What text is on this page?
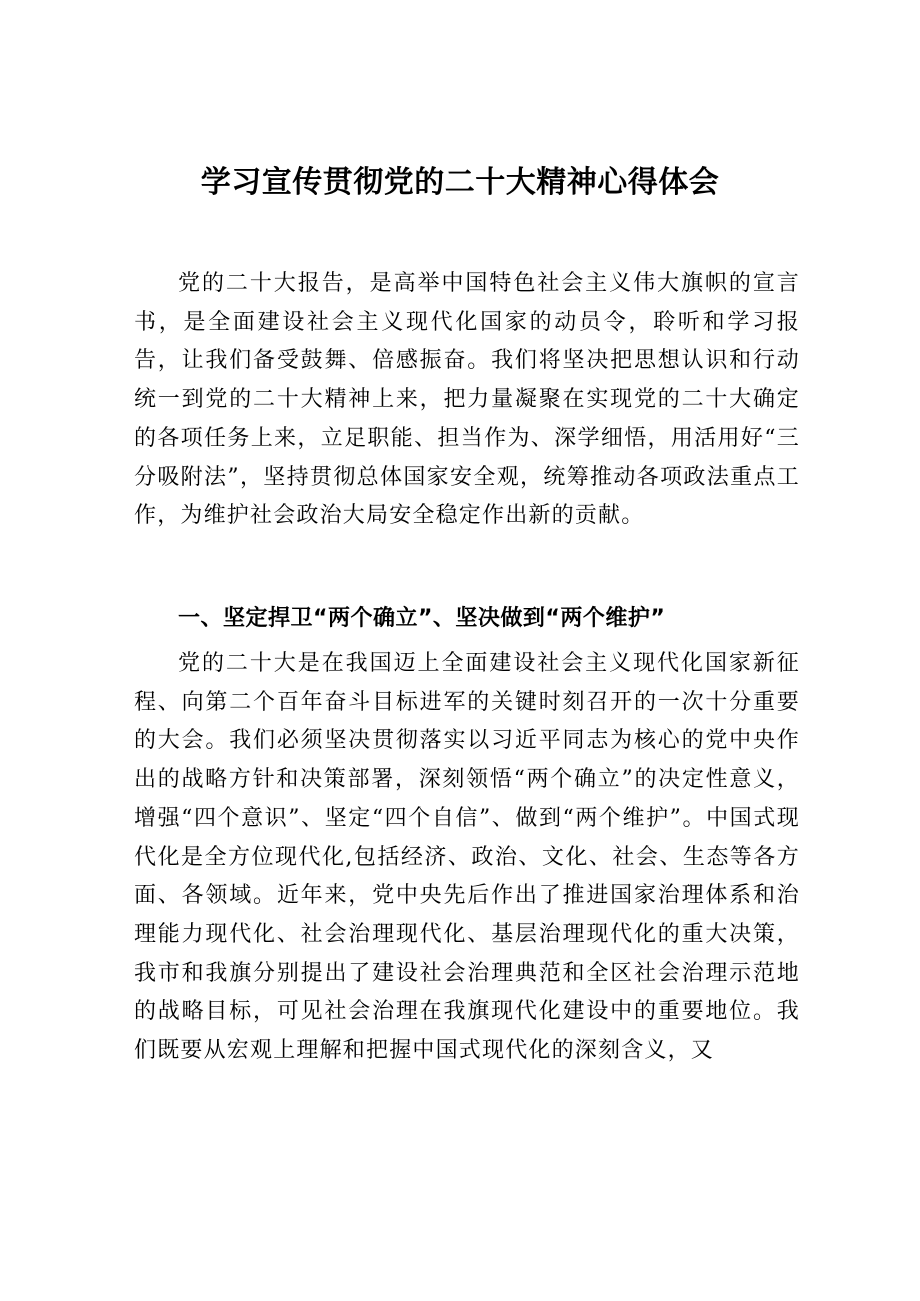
学习宣传贯彻党的二十大精神心得体会

党的二十大报告，是高举中国特色社会主义伟大旗帜的宣言书，是全面建设社会主义现代化国家的动员令，聆听和学习报告，让我们备受鼓舞、倍感振奋。我们将坚决把思想认识和行动统一到党的二十大精神上来，把力量凝聚在实现党的二十大确定的各项任务上来，立足职能、担当作为、深学细悟，用活用好“三分吸附法”，坚持贯彻总体国家安全观，统筹推动各项政法重点工作，为维护社会政治大局安全稳定作出新的贡献。

一、坚定捍卫“两个确立”、坚决做到“两个维护”

党的二十大是在我国迈上全面建设社会主义现代化国家新征程、向第二个百年奋斗目标进军的关键时刻召开的一次十分重要的大会。我们必须坚决贯彻落实以习近平同志为核心的党中央作出的战略方针和决策部署，深刻领悟“两个确立”的决定性意义，增强“四个意识”、坚定“四个自信”、做到“两个维护”。中国式现代化是全方位现代化,包括经济、政治、文化、社会、生态等各方面、各领域。近年来，党中央先后作出了推进国家治理体系和治理能力现代化、社会治理现代化、基层治理现代化的重大决策，我市和我旗分别提出了建设社会治理典范和全区社会治理示范地的战略目标，可见社会治理在我旗现代化建设中的重要地位。我们既要从宏观上理解和把握中国式现代化的深刻含义，又
